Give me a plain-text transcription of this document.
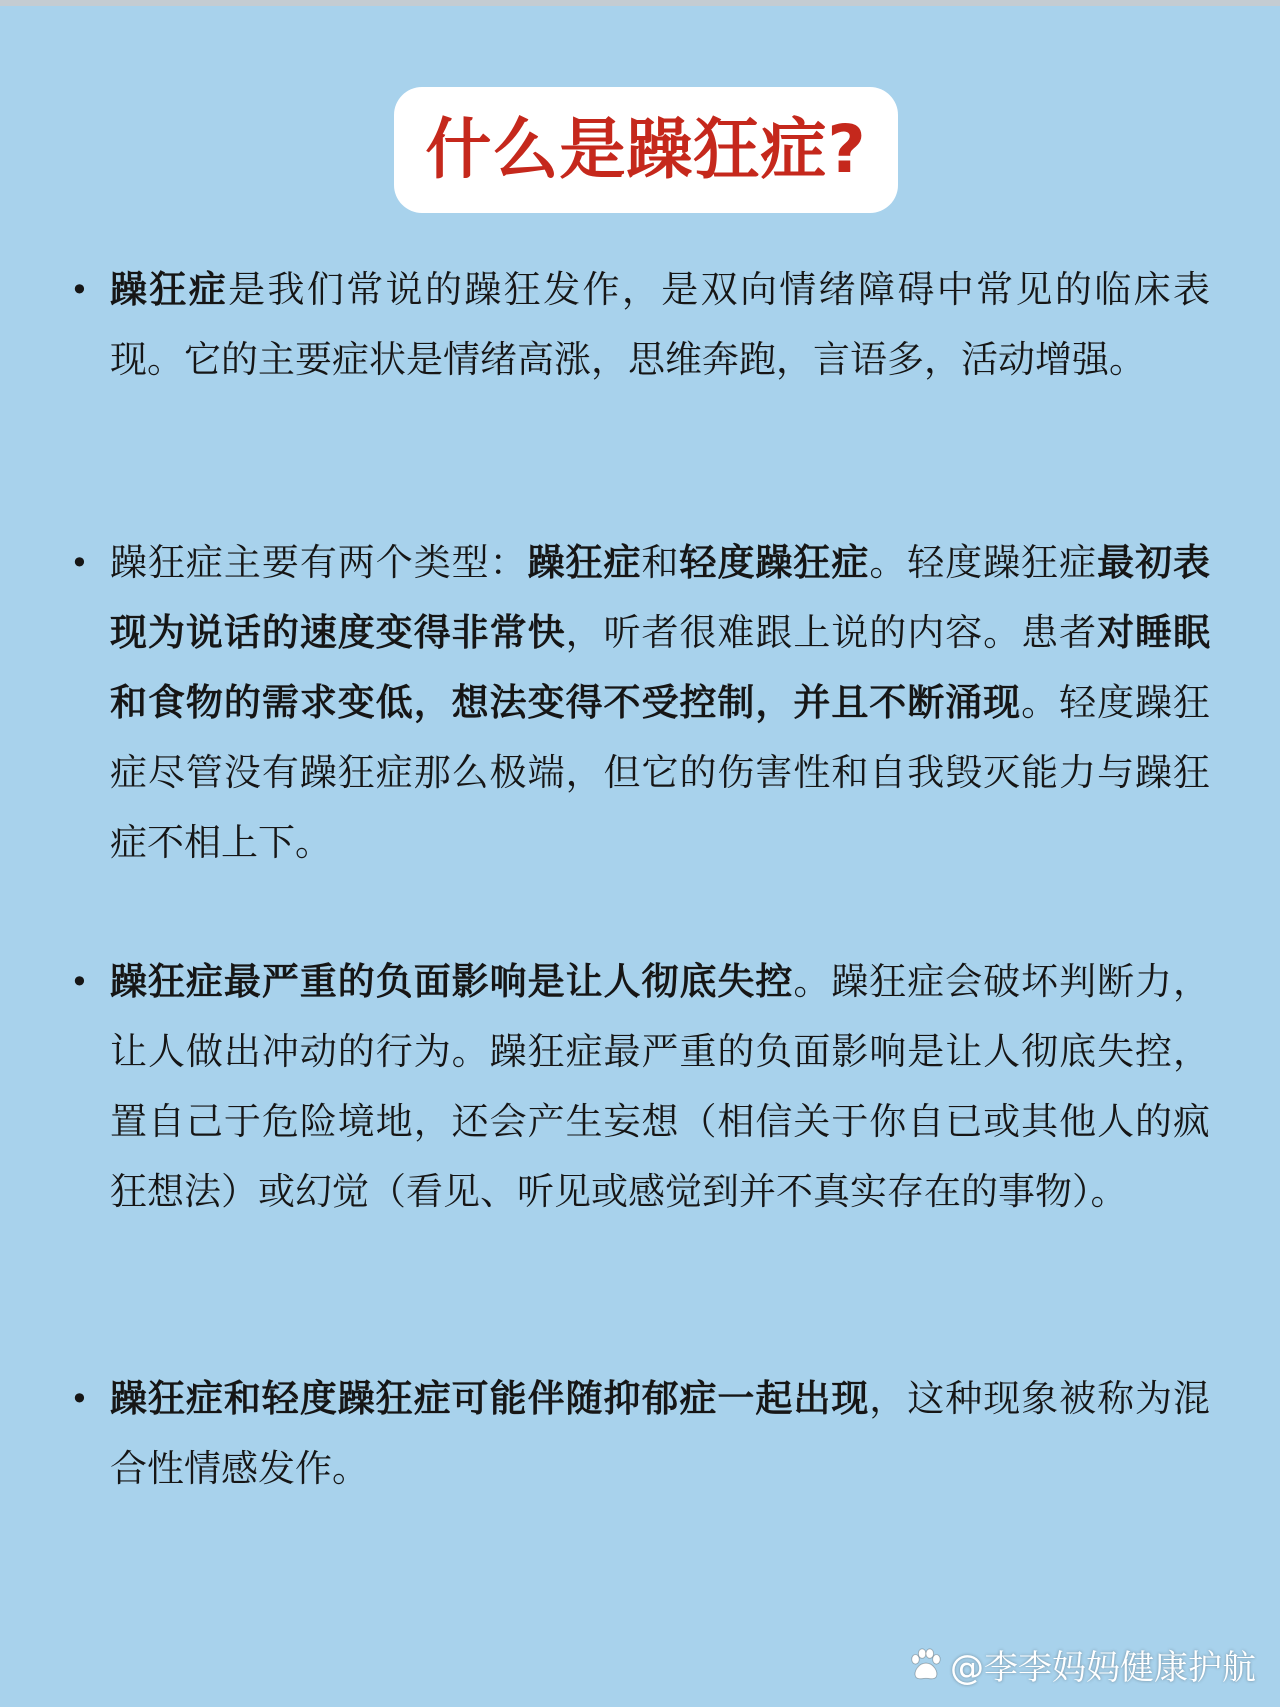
什么是躁狂症?
• 躁狂症是我们常说的躁狂发作，是双向情绪障碍中常见的临床表现。它的主要症状是情绪高涨，思维奔跑，言语多，活动增强。
• 躁狂症主要有两个类型：躁狂症和轻度躁狂症。轻度躁狂症最初表现为说话的速度变得非常快，听者很难跟上说的内容。患者对睡眠和食物的需求变低，想法变得不受控制，并且不断涌现。轻度躁狂症尽管没有躁狂症那么极端，但它的伤害性和自我毁灭能力与躁狂症不相上下。
• 躁狂症最严重的负面影响是让人彻底失控。躁狂症会破坏判断力，让人做出冲动的行为。躁狂症最严重的负面影响是让人彻底失控，置自己于危险境地，还会产生妄想（相信关于你自已或其他人的疯狂想法）或幻觉（看见、听见或感觉到并不真实存在的事物）。
• 躁狂症和轻度躁狂症可能伴随抑郁症一起出现，这种现象被称为混合性情感发作。
@李李妈妈健康护航
